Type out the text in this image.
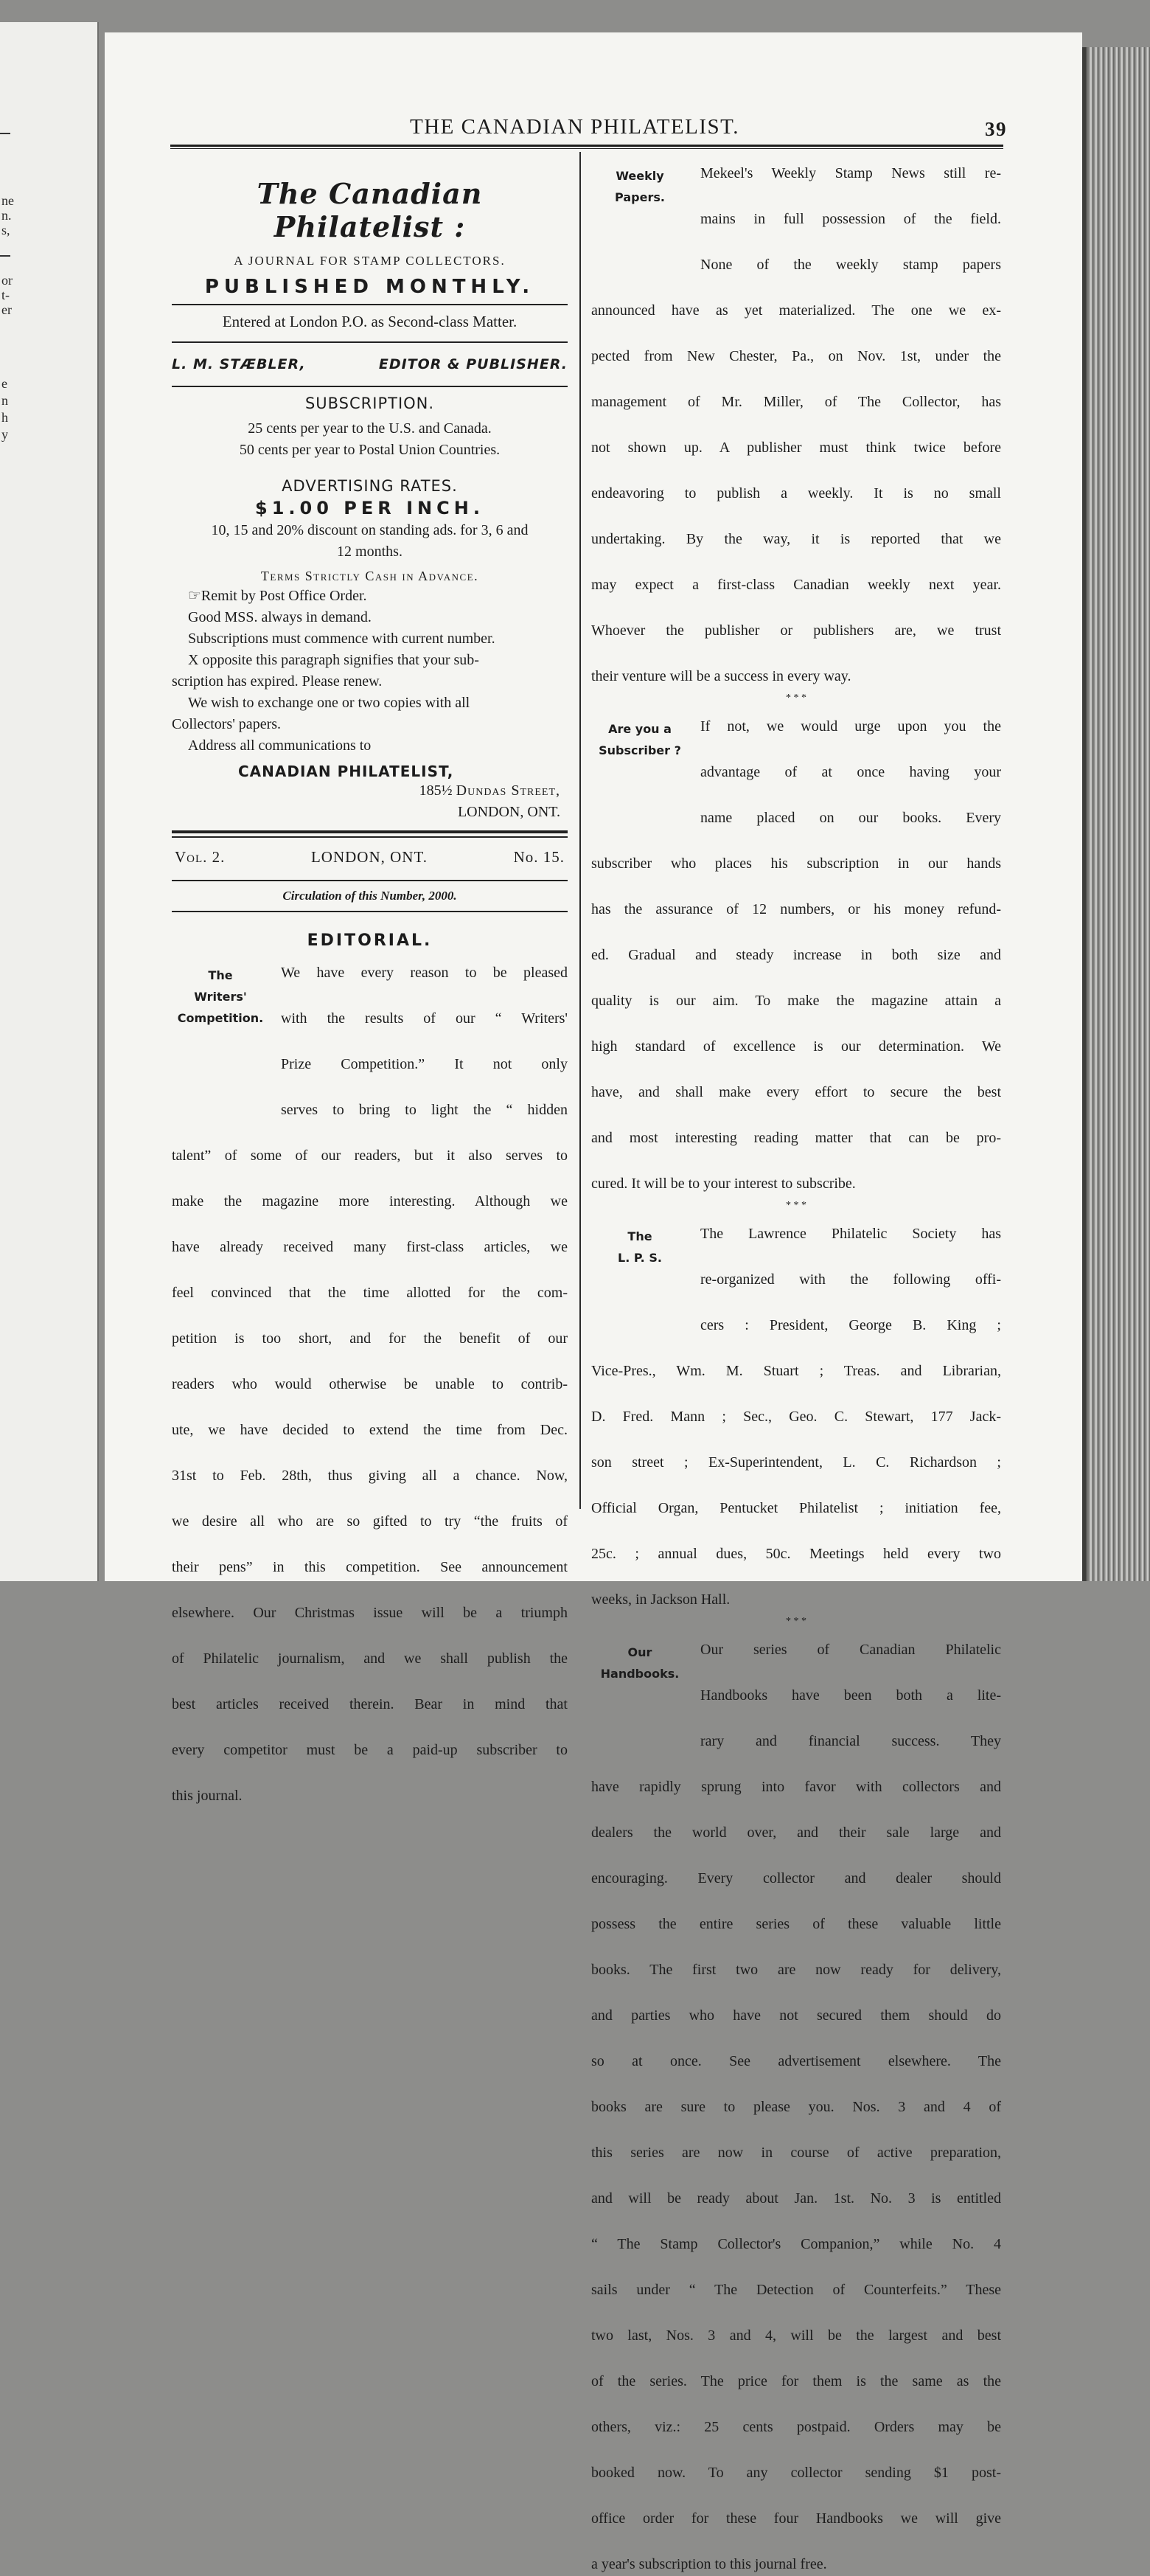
ne
n.
s,
or
t-
er
e
n
h
y
THE CANADIAN PHILATELIST.	39
The Canadian Philatelist :
A JOURNAL FOR STAMP COLLECTORS.
PUBLISHED MONTHLY.
Entered at London P.O. as Second-class Matter.
L. M. STÆBLER,	EDITOR & PUBLISHER.
SUBSCRIPTION.
25 cents per year to the U.S. and Canada.
50 cents per year to Postal Union Countries.
ADVERTISING RATES.
$1.00 PER INCH.
10, 15 and 20% discount on standing ads. for 3, 6 and
12 months.
Terms Strictly Cash in Advance.
☞Remit by Post Office Order.
Good MSS. always in demand.
Subscriptions must commence with current number.
X opposite this paragraph signifies that your sub-
scription has expired. Please renew.
We wish to exchange one or two copies with all
Collectors' papers.
Address all communications to
CANADIAN PHILATELIST,
185½ Dundas Street,
LONDON, ONT.
Vol. 2.	LONDON, ONT.	No. 15.
Circulation of this Number, 2000.
EDITORIAL.
The
Writers'
Competition.
We have every reason to be pleased
with the results of our “ Writers'
Prize Competition.” It not only
serves to bring to light the “ hidden
talent” of some of our readers, but it also serves to
make the magazine more interesting. Although we
have already received many first-class articles, we
feel convinced that the time allotted for the com-
petition is too short, and for the benefit of our
readers who would otherwise be unable to contrib-
ute, we have decided to extend the time from Dec.
31st to Feb. 28th, thus giving all a chance. Now,
we desire all who are so gifted to try “the fruits of
their pens” in this competition. See announcement
elsewhere. Our Christmas issue will be a triumph
of Philatelic journalism, and we shall publish the
best articles received therein. Bear in mind that
every competitor must be a paid-up subscriber to
this journal.
Weekly
Papers.
Mekeel's Weekly Stamp News still re-
mains in full possession of the field.
None of the weekly stamp papers
announced have as yet materialized. The one we ex-
pected from New Chester, Pa., on Nov. 1st, under the
management of Mr. Miller, of The Collector, has
not shown up. A publisher must think twice before
endeavoring to publish a weekly. It is no small
undertaking. By the way, it is reported that we
may expect a first-class Canadian weekly next year.
Whoever the publisher or publishers are, we trust
their venture will be a success in every way.
* * *
Are you a
Subscriber ?
If not, we would urge upon you the
advantage of at once having your
name placed on our books. Every
subscriber who places his subscription in our hands
has the assurance of 12 numbers, or his money refund-
ed. Gradual and steady increase in both size and
quality is our aim. To make the magazine attain a
high standard of excellence is our determination. We
have, and shall make every effort to secure the best
and most interesting reading matter that can be pro-
cured. It will be to your interest to subscribe.
* * *
The
L. P. S.
The Lawrence Philatelic Society has
re-organized with the following offi-
cers : President, George B. King ;
Vice-Pres., Wm. M. Stuart ; Treas. and Librarian,
D. Fred. Mann ; Sec., Geo. C. Stewart, 177 Jack-
son street ; Ex-Superintendent, L. C. Richardson ;
Official Organ, Pentucket Philatelist ; initiation fee,
25c. ; annual dues, 50c. Meetings held every two
weeks, in Jackson Hall.
* * *
Our
Handbooks.
Our series of Canadian Philatelic
Handbooks have been both a lite-
rary and financial success. They
have rapidly sprung into favor with collectors and
dealers the world over, and their sale large and
encouraging. Every collector and dealer should
possess the entire series of these valuable little
books. The first two are now ready for delivery,
and parties who have not secured them should do
so at once. See advertisement elsewhere. The
books are sure to please you. Nos. 3 and 4 of
this series are now in course of active preparation,
and will be ready about Jan. 1st. No. 3 is entitled
“ The Stamp Collector's Companion,” while No. 4
sails under “ The Detection of Counterfeits.” These
two last, Nos. 3 and 4, will be the largest and best
of the series. The price for them is the same as the
others, viz.: 25 cents postpaid. Orders may be
booked now. To any collector sending $1 post-
office order for these four Handbooks we will give
a year's subscription to this journal free.
